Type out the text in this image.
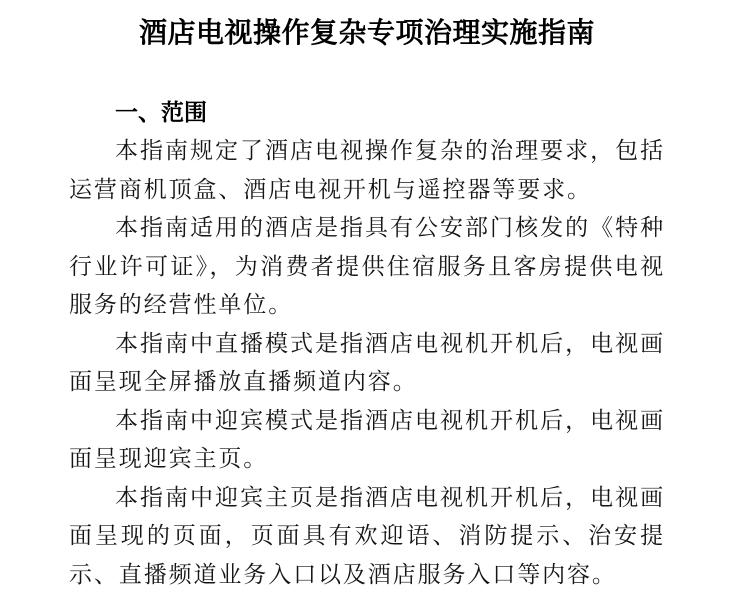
酒店电视操作复杂专项治理实施指南
一、范围

本指南规定了酒店电视操作复杂的治理要求，包括运营商机顶盒、酒店电视开机与遥控器等要求。

本指南适用的酒店是指具有公安部门核发的《特种行业许可证》，为消费者提供住宿服务且客房提供电视服务的经营性单位。

本指南中直播模式是指酒店电视机开机后，电视画面呈现全屏播放直播频道内容。

本指南中迎宾模式是指酒店电视机开机后，电视画面呈现迎宾主页。

本指南中迎宾主页是指酒店电视机开机后，电视画面呈现的页面，页面具有欢迎语、消防提示、治安提示、直播频道业务入口以及酒店服务入口等内容。
